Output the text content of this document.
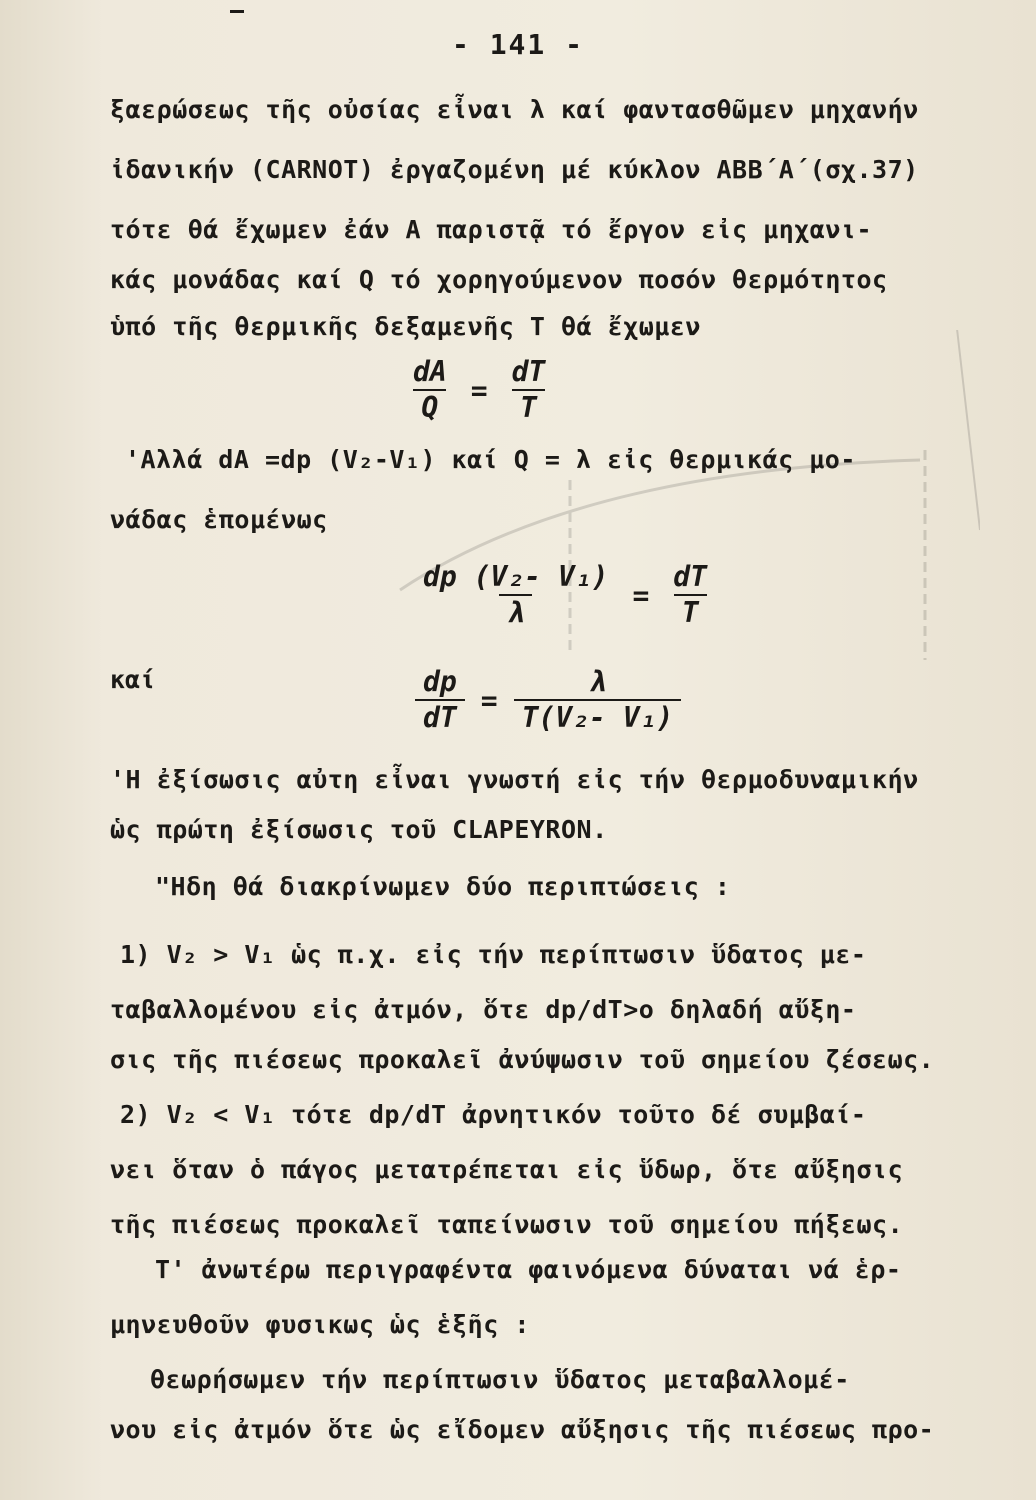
- 141 -
ξαερώσεως τῆς οὐσίας εἶναι λ καί φαντασθῶμεν μηχανήν
ἰδανικήν (CARNOT) ἐργαζομένη μέ κύκλον ΑΒΒ΄Α΄(σχ.37)
τότε θά ἔχωμεν ἐάν Α παριστᾷ τό ἔργον εἰς μηχανι-
κάς μονάδας καί Q τό χορηγούμενον ποσόν θερμότητος
ὑπό τῆς θερμικῆς δεξαμενῆς Τ θά ἔχωμεν
$\frac{dA}{Q} = \frac{dT}{T}$
'Αλλά dA =dp (V₂-V₁) καί Q = λ εἰς θερμικάς μο-
νάδας ἑπομένως
$\frac{\text{dp (V₂- V₁)}}{\lambda} = \frac{dT}{T}$
καί	$\frac{dp}{dT} = \frac{\lambda}{\text{T(V₂- V₁)}}$
'Η ἐξίσωσις αὐτη εἶναι γνωστή εἰς τήν θερμοδυναμικήν
ὡς πρώτη ἐξίσωσις τοῦ CLAPEYRON.
"Ηδη θά διακρίνωμεν δύο περιπτώσεις :
1) V₂ > V₁ ὡς π.χ. εἰς τήν περίπτωσιν ὕδατος με-
ταβαλλομένου εἰς ἀτμόν, ὅτε dp/dT>o δηλαδή αὔξη-
σις τῆς πιέσεως προκαλεῖ ἀνύψωσιν τοῦ σημείου ζέσεως.
2) V₂ < V₁ τότε dp/dT ἀρνητικόν τοῦτο δέ συμβαί-
νει ὅταν ὁ πάγος μετατρέπεται εἰς ὕδωρ, ὅτε αὔξησις
τῆς πιέσεως προκαλεῖ ταπείνωσιν τοῦ σημείου πήξεως.
Τ' ἀνωτέρω περιγραφέντα φαινόμενα δύναται νά ἑρ-
μηνευθοῦν φυσικως ὡς ἑξῆς :
θεωρήσωμεν τήν περίπτωσιν ὕδατος μεταβαλλομέ-
νου εἰς ἀτμόν ὅτε ὡς εἴδομεν αὔξησις τῆς πιέσεως προ-
